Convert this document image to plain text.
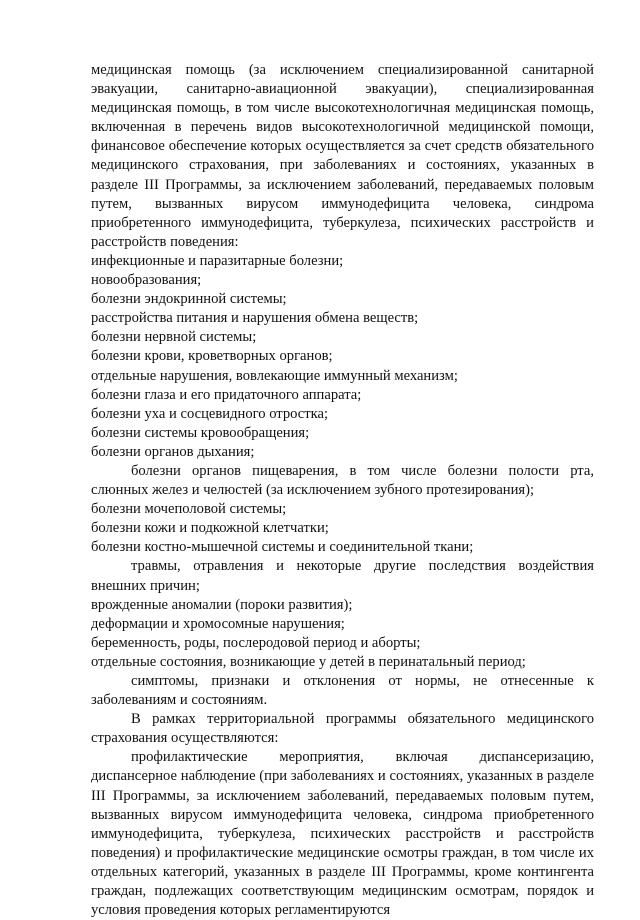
медицинская помощь (за исключением специализированной санитарной эвакуации, санитарно-авиационной эвакуации), специализированная медицинская помощь, в том числе высокотехнологичная медицинская помощь, включенная в перечень видов высокотехнологичной медицинской помощи, финансовое обеспечение которых осуществляется за счет средств обязательного медицинского страхования, при заболеваниях и состояниях, указанных в разделе III Программы, за исключением заболеваний, передаваемых половым путем, вызванных вирусом иммунодефицита человека, синдрома приобретенного иммунодефицита, туберкулеза, психических расстройств и расстройств поведения:

инфекционные и паразитарные болезни;

новообразования;

болезни эндокринной системы;

расстройства питания и нарушения обмена веществ;

болезни нервной системы;

болезни крови, кроветворных органов;

отдельные нарушения, вовлекающие иммунный механизм;

болезни глаза и его придаточного аппарата;

болезни уха и сосцевидного отростка;

болезни системы кровообращения;

болезни органов дыхания;

болезни органов пищеварения, в том числе болезни полости рта, слюнных желез и челюстей (за исключением зубного протезирования);

болезни мочеполовой системы;

болезни кожи и подкожной клетчатки;

болезни костно-мышечной системы и соединительной ткани;

травмы, отравления и некоторые другие последствия воздействия внешних причин;

врожденные аномалии (пороки развития);

деформации и хромосомные нарушения;

беременность, роды, послеродовой период и аборты;

отдельные состояния, возникающие у детей в перинатальный период;

симптомы, признаки и отклонения от нормы, не отнесенные к заболеваниям и состояниям.

В рамках территориальной программы обязательного медицинского страхования осуществляются:

профилактические мероприятия, включая диспансеризацию, диспансерное наблюдение (при заболеваниях и состояниях, указанных в разделе III Программы, за исключением заболеваний, передаваемых половым путем, вызванных вирусом иммунодефицита человека, синдрома приобретенного иммунодефицита, туберкулеза, психических расстройств и расстройств поведения) и профилактические медицинские осмотры граждан, в том числе их отдельных категорий, указанных в разделе III Программы, кроме контингента граждан, подлежащих соответствующим медицинским осмотрам, порядок и условия проведения которых регламентируются
